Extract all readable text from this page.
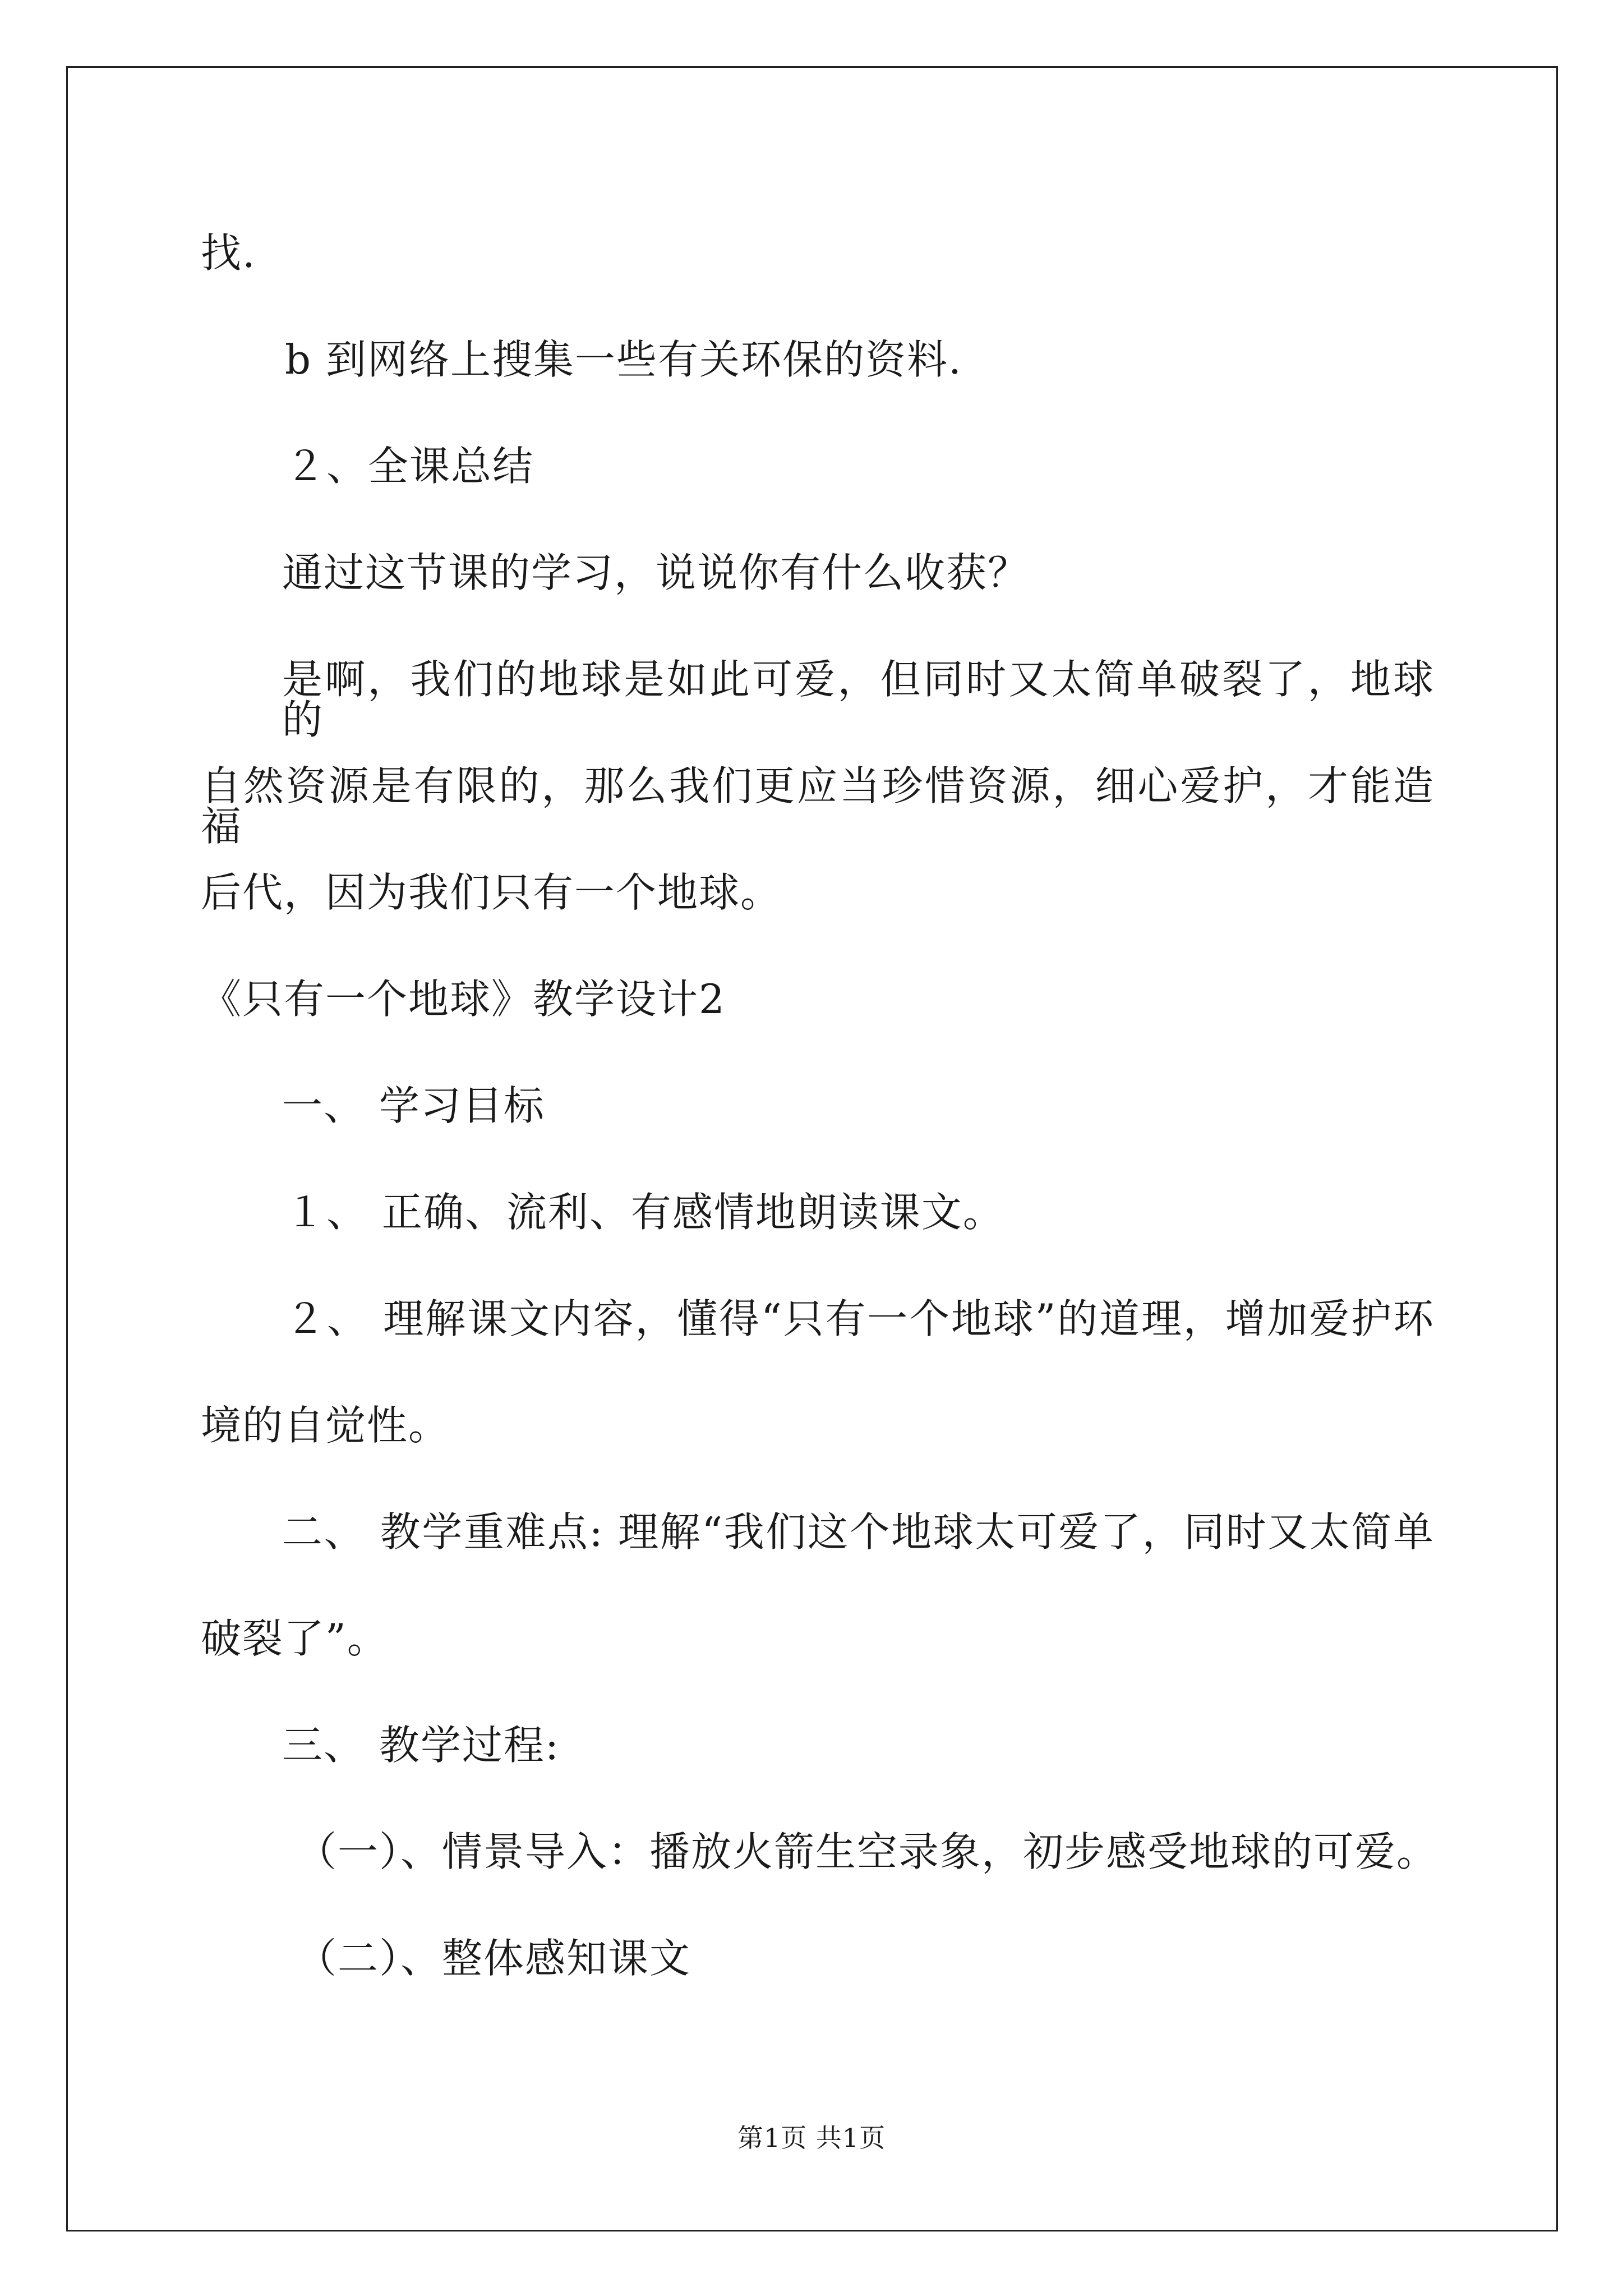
找.
b 到网络上搜集一些有关环保的资料.
２、全课总结
通过这节课的学习，说说你有什么收获？
是啊，我们的地球是如此可爱，但同时又太简单破裂了，地球的
自然资源是有限的，那么我们更应当珍惜资源，细心爱护，才能造福
后代，因为我们只有一个地球。
《只有一个地球》教学设计2
一、 学习目标
１、 正确、流利、有感情地朗读课文。
２、 理解课文内容，懂得“只有一个地球”的道理，增加爱护环
境的自觉性。
二、 教学重难点: 理解“我们这个地球太可爱了，同时又太简单
破裂了”。
三、 教学过程:
（一）、情景导入：播放火箭生空录象，初步感受地球的可爱。
（二）、整体感知课文
第1页 共1页
